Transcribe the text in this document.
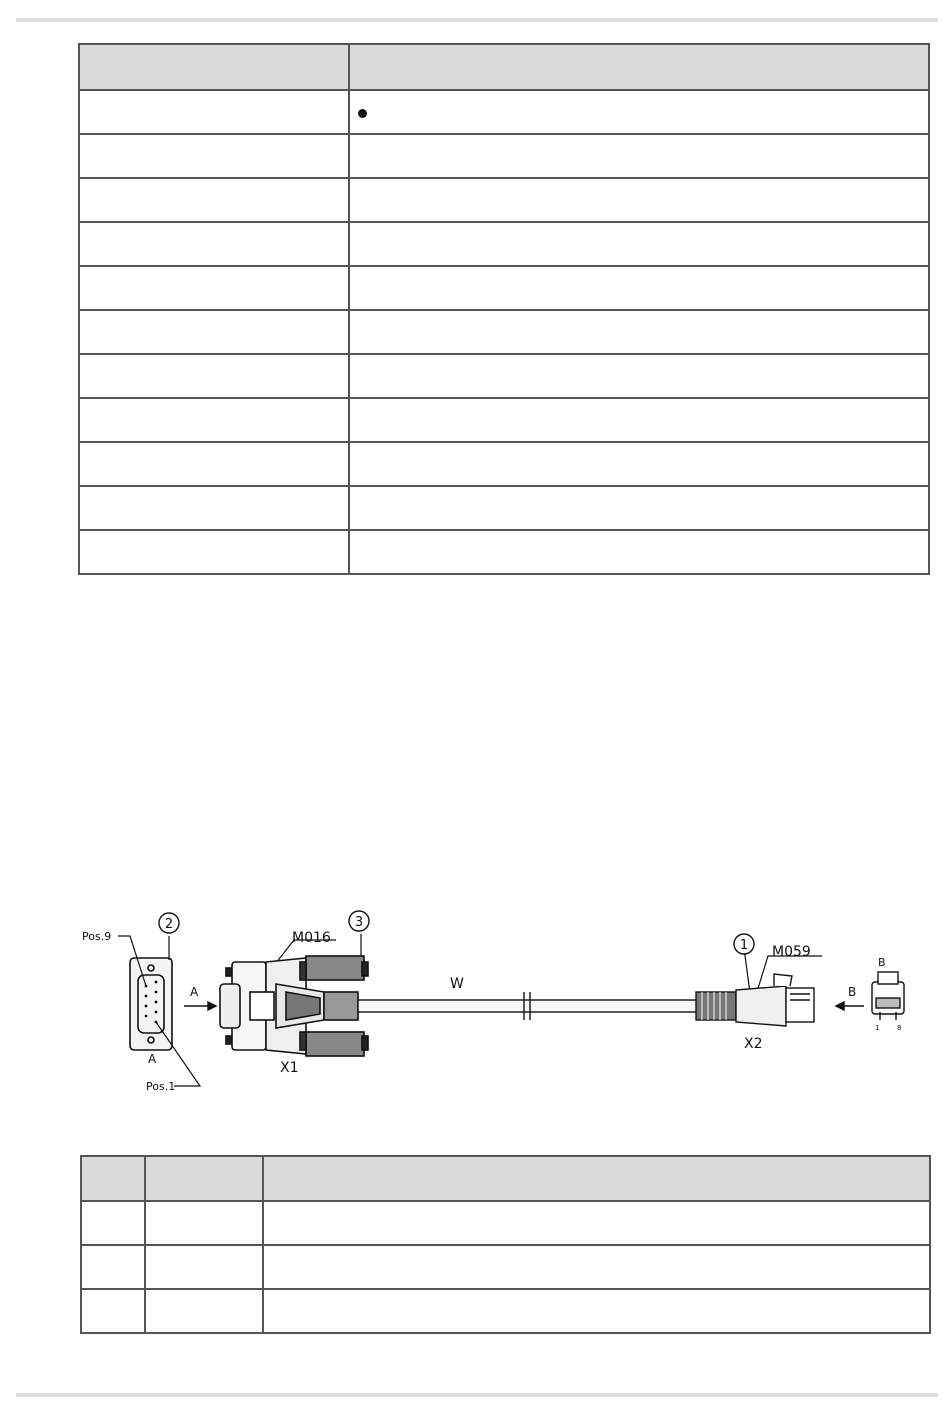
Pos.9
Pos.1
2	3
1
A
A
M016
M059
W
X1
X2
B
B
1	8
